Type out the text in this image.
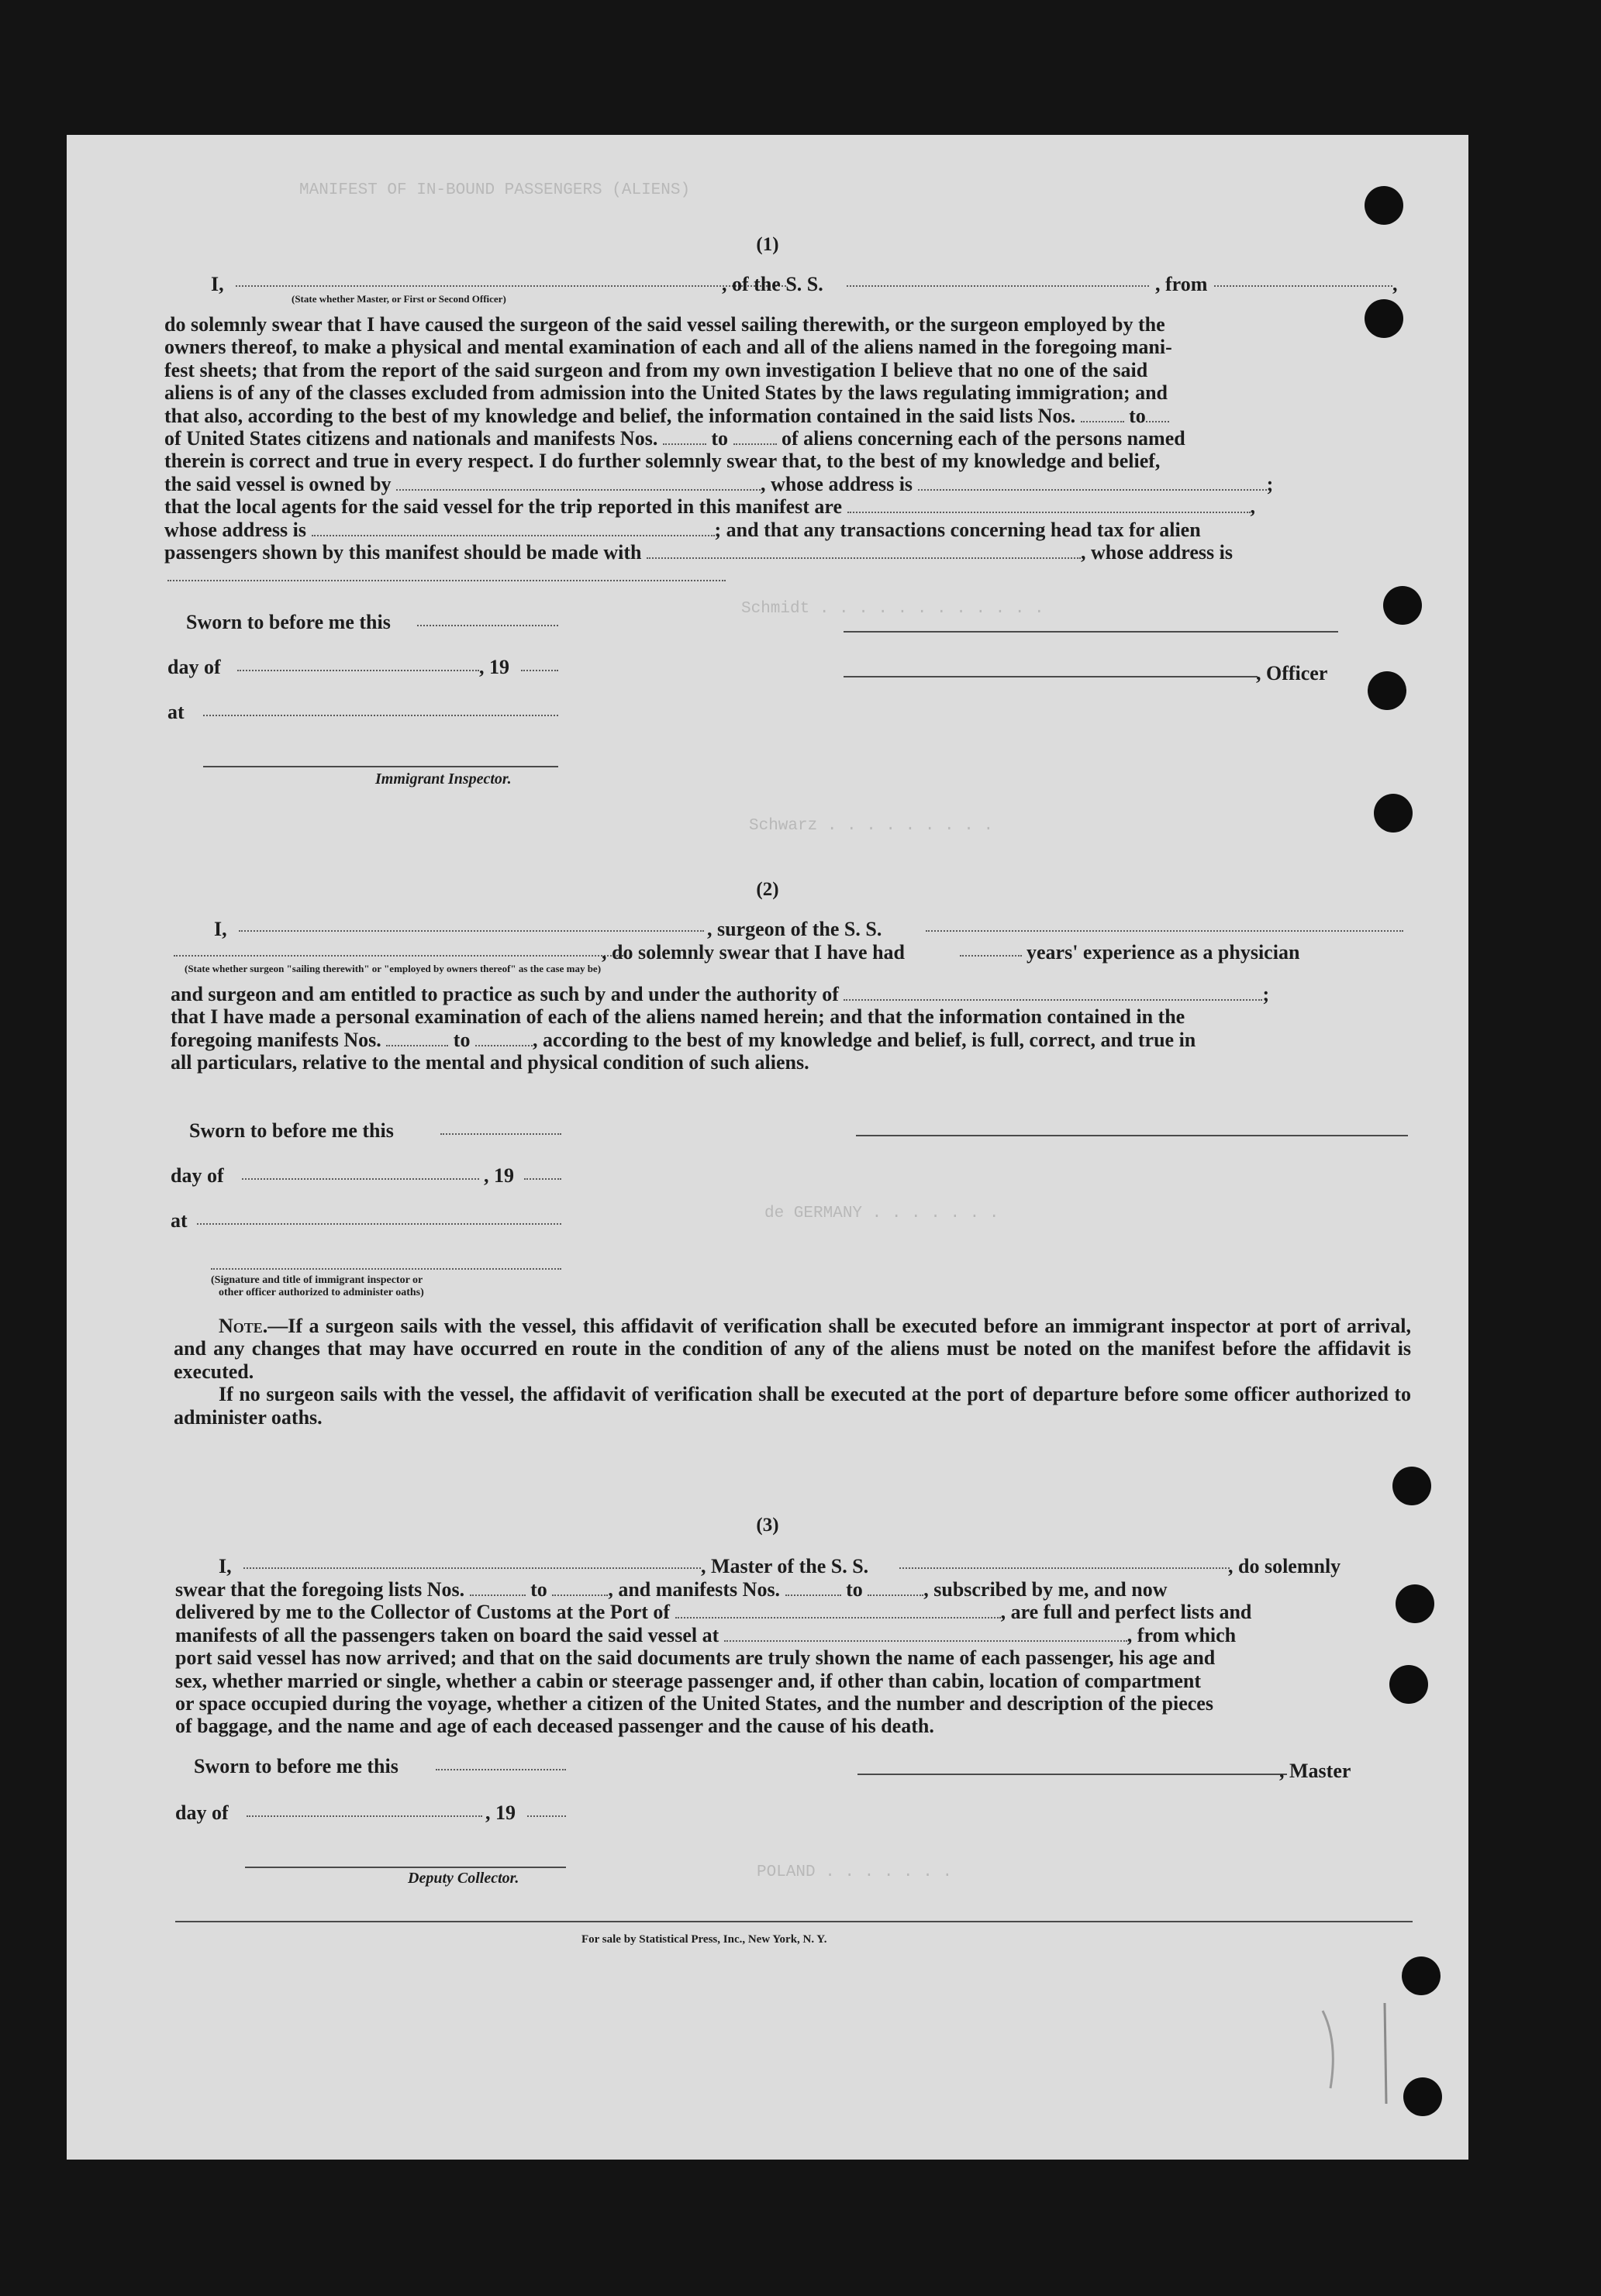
MANIFEST OF IN-BOUND PASSENGERS (ALIENS)
Schmidt . . . . . . . . . . . .
Schwarz . . . . . . . . .
de GERMANY . . . . . . .
POLAND . . . . . . .
(1)
I,
(State whether Master, or First or Second Officer)
, of the S. S.	, from	,

do solemnly swear that I have caused the surgeon of the said vessel sailing therewith, or the surgeon employed by the

owners thereof, to make a physical and mental examination of each and all of the aliens named in the foregoing mani-

fest sheets; that from the report of the said surgeon and from my own investigation I believe that no one of the said

aliens is of any of the classes excluded from admission into the United States by the laws regulating immigration; and

that also, according to the best of my knowledge and belief, the information contained in the said lists Nos.	to

of United States citizens and nationals and manifests Nos.	to	of aliens concerning each of the persons named

therein is correct and true in every respect. I do further solemnly swear that, to the best of my knowledge and belief,

the said vessel is owned by	, whose address is	;

that the local agents for the said vessel for the trip reported in this manifest are	,

whose address is	; and that any transactions concerning head tax for alien

passengers shown by this manifest should be made with	, whose address is

Sworn to before me this
day of	, 19	, Officer
at
Immigrant Inspector.
(2)
I,	, surgeon of the S. S.
, do solemnly swear that I have had	years' experience as a physician
(State whether surgeon "sailing therewith" or "employed by owners thereof" as the case may be)

and surgeon and am entitled to practice as such by and under the authority of	;

that I have made a personal examination of each of the aliens named herein; and that the information contained in the

foregoing manifests Nos.	to	, according to the best of my knowledge and belief, is full, correct, and true in

all particulars, relative to the mental and physical condition of such aliens.

Sworn to before me this
day of	, 19
at
(Signature and title of immigrant inspector or
other officer authorized to administer oaths)

Note.—If a surgeon sails with the vessel, this affidavit of verification shall be executed before an immigrant inspector at port of arrival, and any changes that may have occurred en route in the condition of any of the aliens must be noted on the manifest before the affidavit is executed.

If no surgeon sails with the vessel, the affidavit of verification shall be executed at the port of departure before some officer authorized to administer oaths.

(3)
I,	, Master of the S. S.	, do solemnly

swear that the foregoing lists Nos.	to	, and manifests Nos.	to	, subscribed by me, and now

delivered by me to the Collector of Customs at the Port of	, are full and perfect lists and

manifests of all the passengers taken on board the said vessel at	, from which

port said vessel has now arrived; and that on the said documents are truly shown the name of each passenger, his age and

sex, whether married or single, whether a cabin or steerage passenger and, if other than cabin, location of compartment

or space occupied during the voyage, whether a citizen of the United States, and the number and description of the pieces

of baggage, and the name and age of each deceased passenger and the cause of his death.

Sworn to before me this	, Master
day of	, 19
Deputy Collector.
For sale by Statistical Press, Inc., New York, N. Y.
